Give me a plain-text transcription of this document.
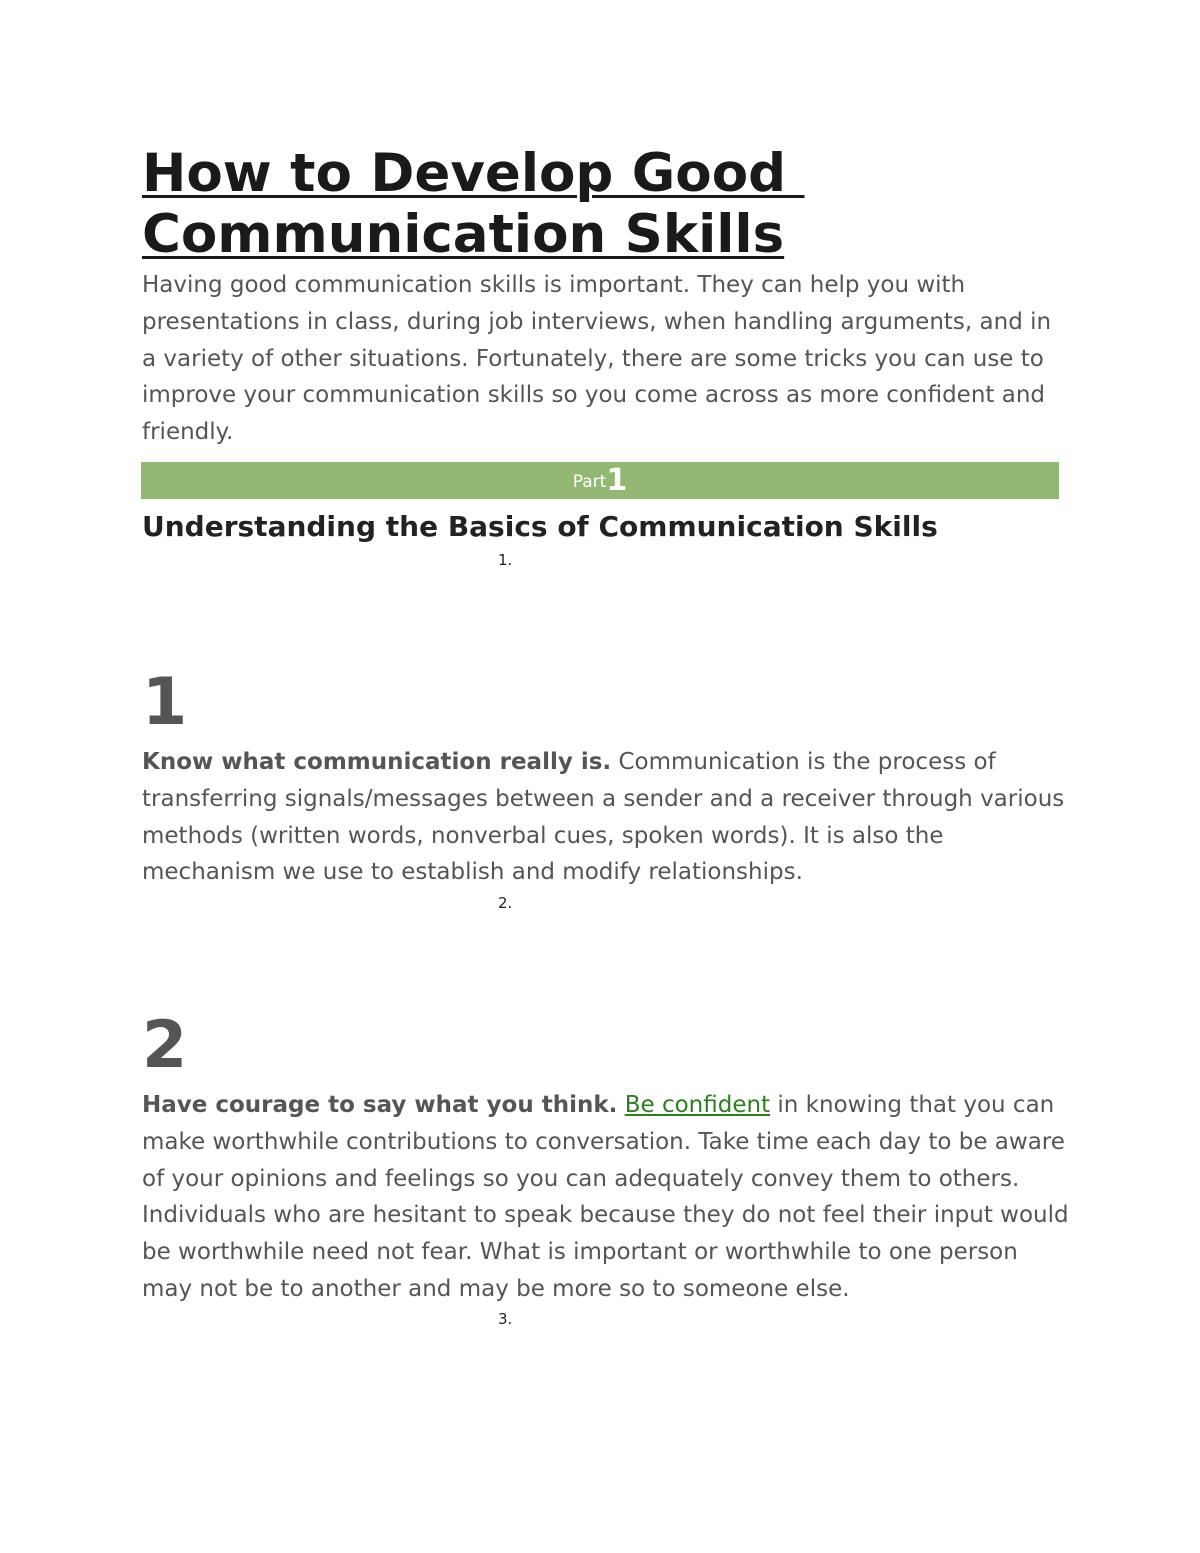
How to Develop Good
Communication Skills

Having good communication skills is important. They can help you with presentations in class, during job interviews, when handling arguments, and in a variety of other situations. Fortunately, there are some tricks you can use to improve your communication skills so you come across as more confident and friendly.

Part1
Understanding the Basics of Communication Skills
1.
1

Know what communication really is. Communication is the process of transferring signals/messages between a sender and a receiver through various methods (written words, nonverbal cues, spoken words). It is also the mechanism we use to establish and modify relationships.

2.
2

Have courage to say what you think. Be confident in knowing that you can make worthwhile contributions to conversation. Take time each day to be aware of your opinions and feelings so you can adequately convey them to others. Individuals who are hesitant to speak because they do not feel their input would be worthwhile need not fear. What is important or worthwhile to one person may not be to another and may be more so to someone else.

3.
